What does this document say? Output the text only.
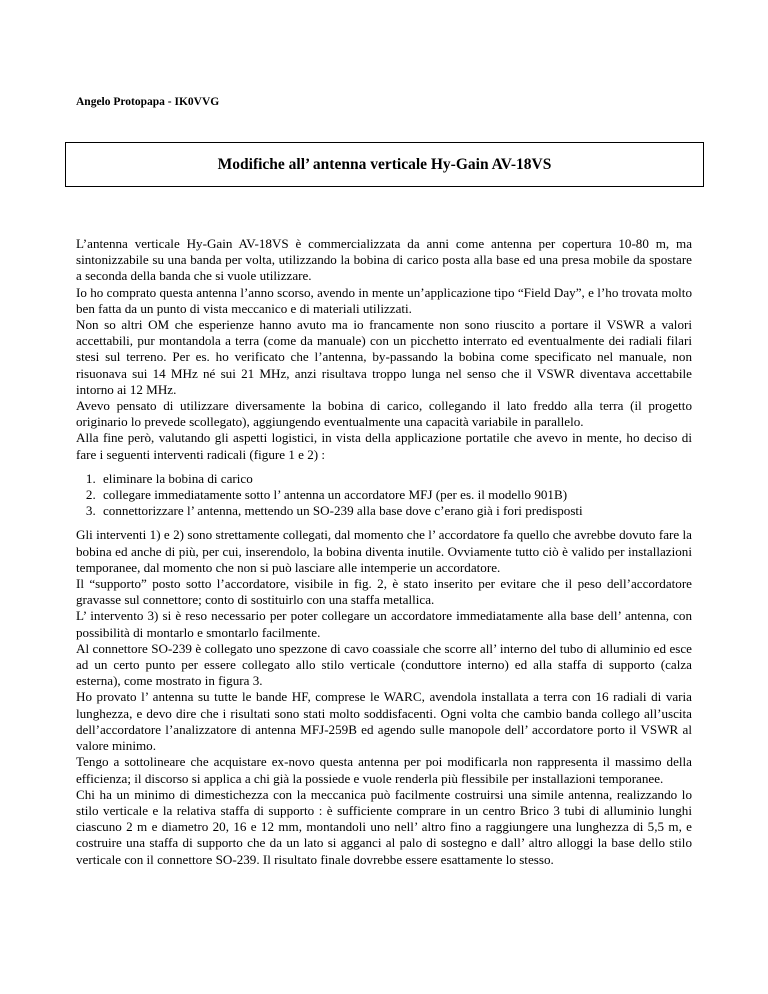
Angelo Protopapa - IK0VVG
Modifiche all’ antenna verticale Hy-Gain AV-18VS

L’antenna verticale Hy-Gain AV-18VS è commercializzata da anni come antenna per copertura 10-80 m, ma sintonizzabile su una banda per volta, utilizzando la bobina di carico posta alla base ed una presa mobile da spostare a seconda della banda che si vuole utilizzare.

Io ho comprato questa antenna l’anno scorso, avendo in mente un’applicazione tipo “Field Day”, e l’ho trovata molto ben fatta da un punto di vista meccanico e di materiali utilizzati.

Non so altri OM che esperienze hanno avuto ma io francamente non sono riuscito a portare il VSWR a valori accettabili, pur montandola a terra (come da manuale) con un picchetto interrato ed eventualmente dei radiali filari stesi sul terreno. Per es. ho verificato che l’antenna, by-passando la bobina come specificato nel manuale, non risuonava sui 14 MHz né sui 21 MHz, anzi risultava troppo lunga nel senso che il VSWR diventava accettabile intorno ai 12 MHz.

Avevo pensato di utilizzare diversamente la bobina di carico, collegando il lato freddo alla terra (il progetto originario lo prevede scollegato), aggiungendo eventualmente una capacità variabile in parallelo.

Alla fine però, valutando gli aspetti logistici, in vista della applicazione portatile che avevo in mente, ho deciso di fare i seguenti interventi radicali (figure 1 e 2) :

1. eliminare la bobina di carico
2. collegare immediatamente sotto l’ antenna un accordatore MFJ (per es. il modello 901B)
3. connettorizzare l’ antenna, mettendo un SO-239 alla base dove c’erano già i fori predisposti

Gli interventi 1) e 2) sono strettamente collegati, dal momento che l’ accordatore fa quello che avrebbe dovuto fare la bobina ed anche di più, per cui, inserendolo, la bobina diventa inutile. Ovviamente tutto ciò è valido per installazioni temporanee, dal momento che non si può lasciare alle intemperie un accordatore.

Il “supporto” posto sotto l’accordatore, visibile in fig. 2, è stato inserito per evitare che il peso dell’accordatore gravasse sul connettore; conto di sostituirlo con una staffa metallica.

L’ intervento 3) si è reso necessario per poter collegare un accordatore immediatamente alla base dell’ antenna, con possibilità di montarlo e smontarlo facilmente.

Al connettore SO-239 è collegato uno spezzone di cavo coassiale che scorre all’ interno del tubo di alluminio ed esce ad un certo punto per essere collegato allo stilo verticale (conduttore interno) ed alla staffa di supporto (calza esterna), come mostrato in figura 3.

Ho provato l’ antenna su tutte le bande HF, comprese le WARC, avendola installata a terra con 16 radiali di varia lunghezza, e devo dire che i risultati sono stati molto soddisfacenti. Ogni volta che cambio banda collego all’uscita dell’accordatore l’analizzatore di antenna MFJ-259B ed agendo sulle manopole dell’ accordatore porto il VSWR al valore minimo.

Tengo a sottolineare che acquistare ex-novo questa antenna per poi modificarla non rappresenta il massimo della efficienza; il discorso si applica a chi già la possiede e vuole renderla più flessibile per installazioni temporanee.

Chi ha un minimo di dimestichezza con la meccanica può facilmente costruirsi una simile antenna, realizzando lo stilo verticale e la relativa staffa di supporto : è sufficiente comprare in un centro Brico 3 tubi di alluminio lunghi ciascuno 2 m e diametro 20, 16 e 12 mm, montandoli uno nell’ altro fino a raggiungere una lunghezza di 5,5 m, e costruire una staffa di supporto che da un lato si agganci al palo di sostegno e dall’ altro alloggi la base dello stilo verticale con il connettore SO-239. Il risultato finale dovrebbe essere esattamente lo stesso.
